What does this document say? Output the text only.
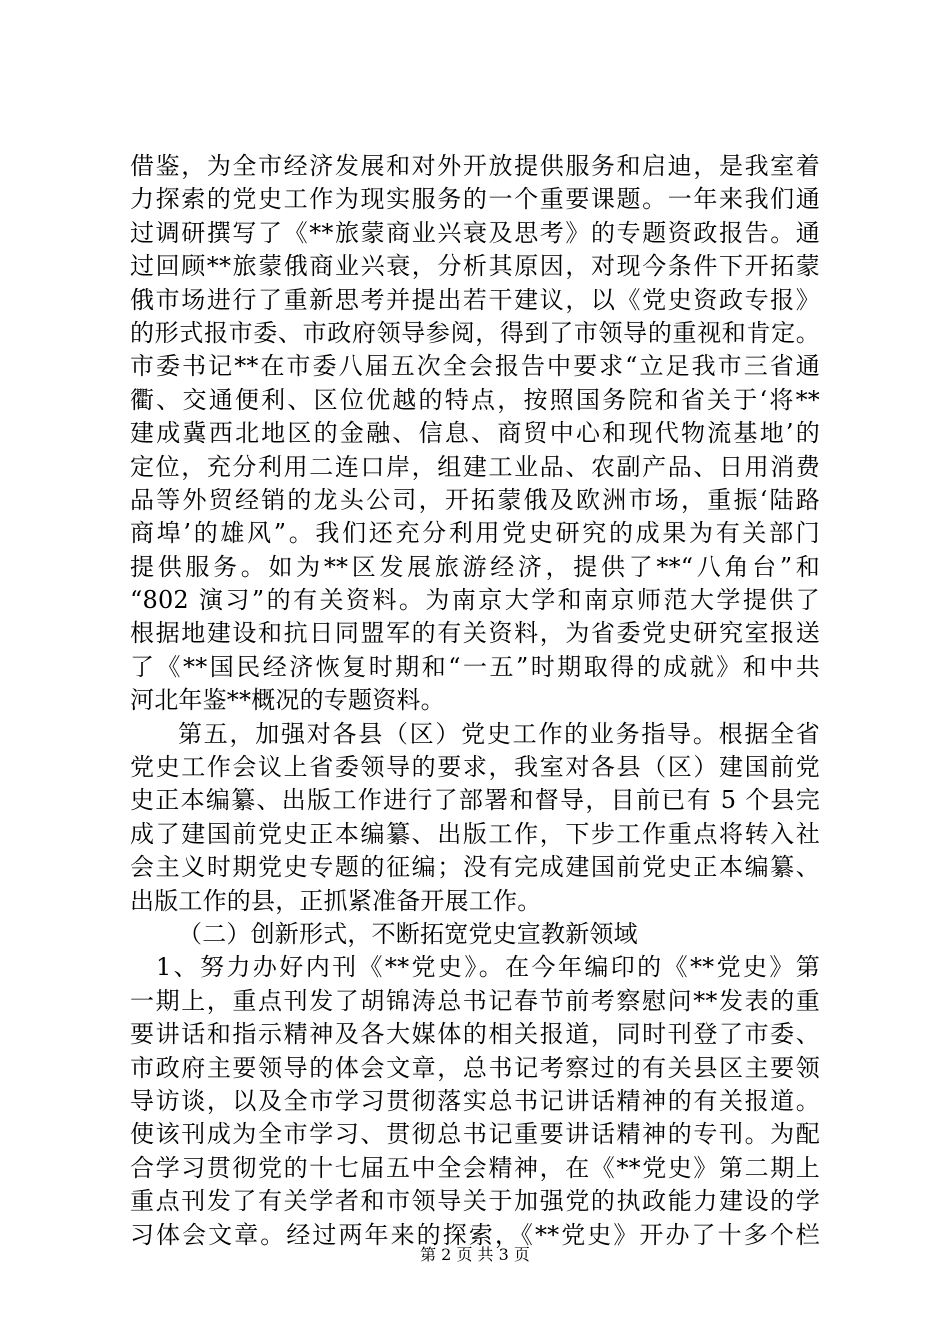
借鉴，为全市经济发展和对外开放提供服务和启迪，是我室着
力探索的党史工作为现实服务的一个重要课题。一年来我们通
过调研撰写了《**旅蒙商业兴衰及思考》的专题资政报告。通
过回顾**旅蒙俄商业兴衰，分析其原因，对现今条件下开拓蒙
俄市场进行了重新思考并提出若干建议，以《党史资政专报》
的形式报市委、市政府领导参阅，得到了市领导的重视和肯定。
市委书记**在市委八届五次全会报告中要求“立足我市三省通
衢、交通便利、区位优越的特点，按照国务院和省关于‘将**
建成冀西北地区的金融、信息、商贸中心和现代物流基地’的
定位，充分利用二连口岸，组建工业品、农副产品、日用消费
品等外贸经销的龙头公司，开拓蒙俄及欧洲市场，重振‘陆路
商埠’的雄风”。我们还充分利用党史研究的成果为有关部门
提供服务。如为**区发展旅游经济，提供了**“八角台”和
“802 演习”的有关资料。为南京大学和南京师范大学提供了
根据地建设和抗日同盟军的有关资料，为省委党史研究室报送
了《**国民经济恢复时期和“一五”时期取得的成就》和中共
河北年鉴**概况的专题资料。
第五，加强对各县（区）党史工作的业务指导。根据全省
党史工作会议上省委领导的要求，我室对各县（区）建国前党
史正本编纂、出版工作进行了部署和督导，目前已有 5 个县完
成了建国前党史正本编纂、出版工作，下步工作重点将转入社
会主义时期党史专题的征编；没有完成建国前党史正本编纂、
出版工作的县，正抓紧准备开展工作。
（二）创新形式，不断拓宽党史宣教新领域
1、努力办好内刊《**党史》。在今年编印的《**党史》第
一期上，重点刊发了胡锦涛总书记春节前考察慰问**发表的重
要讲话和指示精神及各大媒体的相关报道，同时刊登了市委、
市政府主要领导的体会文章，总书记考察过的有关县区主要领
导访谈，以及全市学习贯彻落实总书记讲话精神的有关报道。
使该刊成为全市学习、贯彻总书记重要讲话精神的专刊。为配
合学习贯彻党的十七届五中全会精神，在《**党史》第二期上
重点刊发了有关学者和市领导关于加强党的执政能力建设的学
习体会文章。经过两年来的探索，《**党史》开办了十多个栏
第 2 页 共 3 页
